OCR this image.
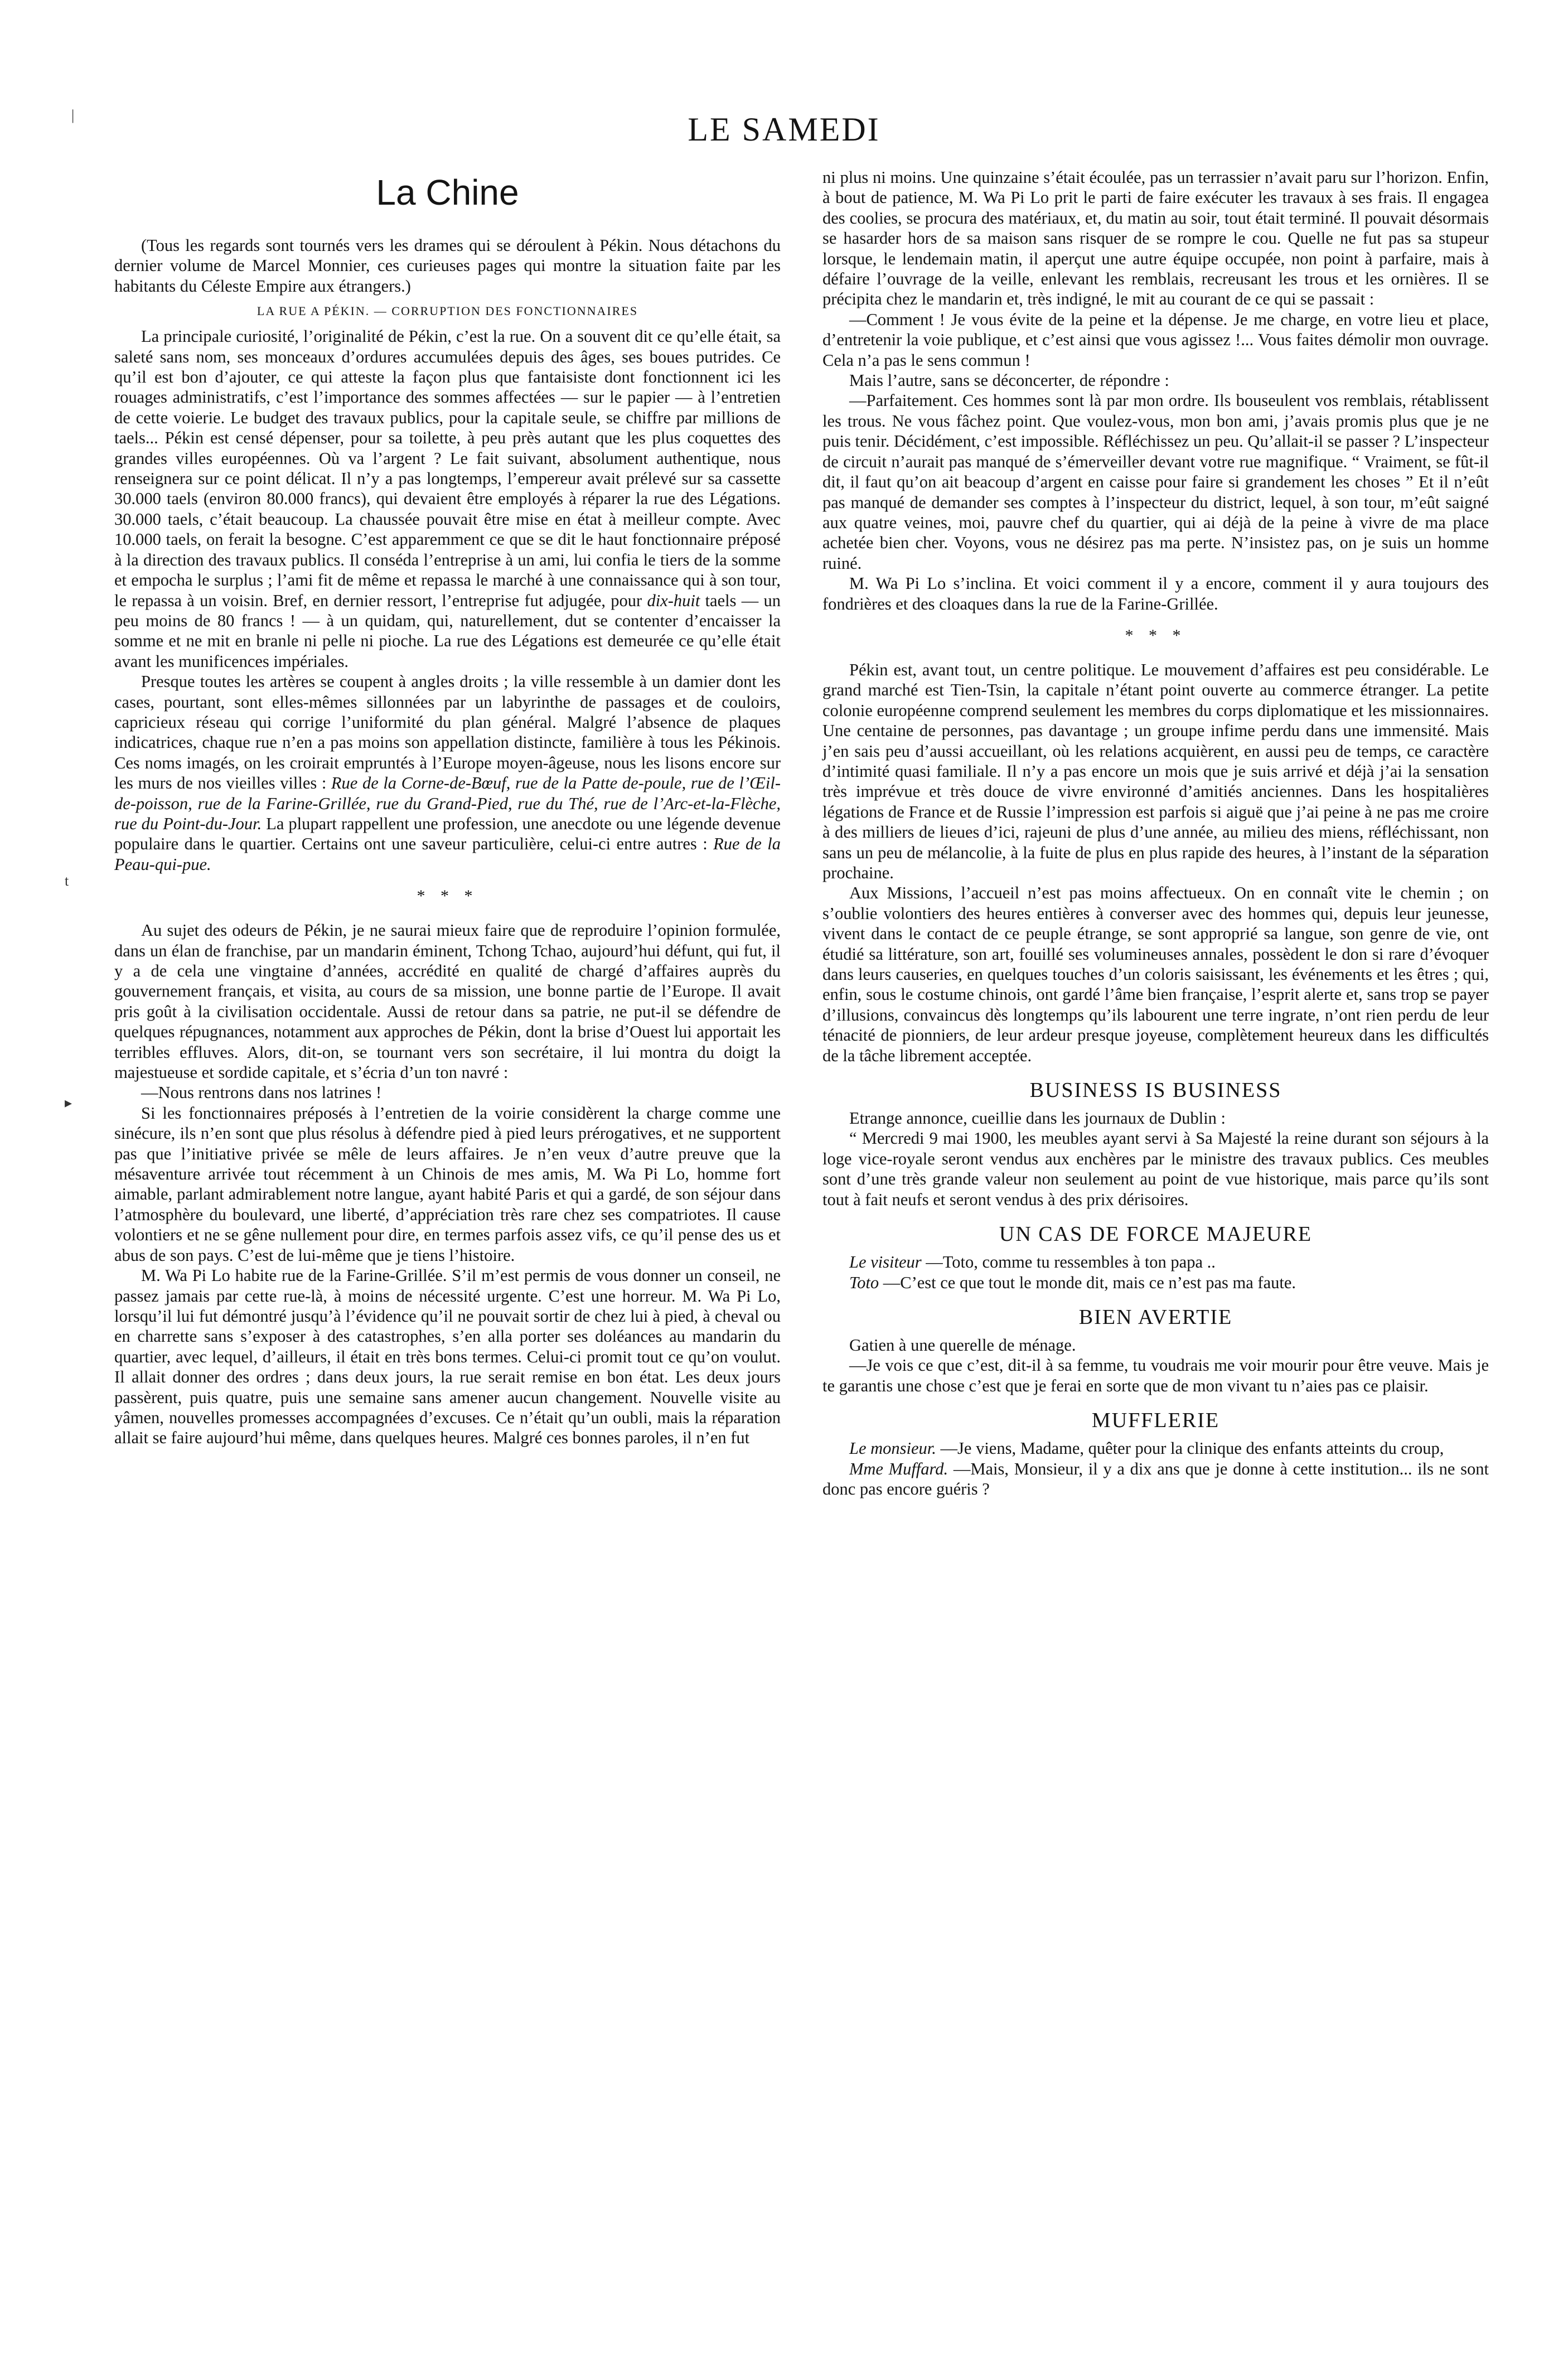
LE SAMEDI
|
t
▸
La Chine

(Tous les regards sont tournés vers les drames qui se déroulent à Pékin. Nous détachons du dernier volume de Marcel Monnier, ces curieuses pages qui montre la situation faite par les habitants du Céleste Empire aux étrangers.)

LA RUE A PÉKIN. — CORRUPTION DES FONCTIONNAIRES

La principale curiosité, l’originalité de Pékin, c’est la rue. On a souvent dit ce qu’elle était, sa saleté sans nom, ses monceaux d’ordures accumulées depuis des âges, ses boues putrides. Ce qu’il est bon d’ajouter, ce qui atteste la façon plus que fantaisiste dont fonctionnent ici les rouages administratifs, c’est l’importance des sommes affectées — sur le papier — à l’entretien de cette voierie. Le budget des travaux publics, pour la capitale seule, se chiffre par millions de taels... Pékin est censé dépenser, pour sa toilette, à peu près autant que les plus coquettes des grandes villes européennes. Où va l’argent ? Le fait suivant, absolument authentique, nous renseignera sur ce point délicat. Il n’y a pas longtemps, l’empereur avait prélevé sur sa cassette 30.000 taels (environ 80.000 francs), qui devaient être employés à réparer la rue des Légations. 30.000 taels, c’était beaucoup. La chaussée pouvait être mise en état à meilleur compte. Avec 10.000 taels, on ferait la besogne. C’est apparemment ce que se dit le haut fonctionnaire préposé à la direction des travaux publics. Il conséda l’entreprise à un ami, lui confia le tiers de la somme et empocha le surplus ; l’ami fit de même et repassa le marché à une connaissance qui à son tour, le repassa à un voisin. Bref, en dernier ressort, l’entreprise fut adjugée, pour dix-huit taels — un peu moins de 80 francs ! — à un quidam, qui, naturellement, dut se contenter d’encaisser la somme et ne mit en branle ni pelle ni pioche. La rue des Légations est demeurée ce qu’elle était avant les munificences impériales.

Presque toutes les artères se coupent à angles droits ; la ville ressemble à un damier dont les cases, pourtant, sont elles-mêmes sillonnées par un labyrinthe de passages et de couloirs, capricieux réseau qui corrige l’uniformité du plan général. Malgré l’absence de plaques indicatrices, chaque rue n’en a pas moins son appellation distincte, familière à tous les Pékinois. Ces noms imagés, on les croirait empruntés à l’Europe moyen-âgeuse, nous les lisons encore sur les murs de nos vieilles villes : Rue de la Corne-de-Bœuf, rue de la Patte de-poule, rue de l’Œil-de-poisson, rue de la Farine-Grillée, rue du Grand-Pied, rue du Thé, rue de l’Arc-et-la-Flèche, rue du Point-du-Jour. La plupart rappellent une profession, une anecdote ou une légende devenue populaire dans le quartier. Certains ont une saveur particulière, celui-ci entre autres : Rue de la Peau-qui-pue.

* * *

Au sujet des odeurs de Pékin, je ne saurai mieux faire que de reproduire l’opinion formulée, dans un élan de franchise, par un mandarin éminent, Tchong Tchao, aujourd’hui défunt, qui fut, il y a de cela une vingtaine d’années, accrédité en qualité de chargé d’affaires auprès du gouvernement français, et visita, au cours de sa mission, une bonne partie de l’Europe. Il avait pris goût à la civilisation occidentale. Aussi de retour dans sa patrie, ne put-il se défendre de quelques répugnances, notamment aux approches de Pékin, dont la brise d’Ouest lui apportait les terribles effluves. Alors, dit-on, se tournant vers son secrétaire, il lui montra du doigt la majestueuse et sordide capitale, et s’écria d’un ton navré :

—Nous rentrons dans nos latrines !

Si les fonctionnaires préposés à l’entretien de la voirie considèrent la charge comme une sinécure, ils n’en sont que plus résolus à défendre pied à pied leurs prérogatives, et ne supportent pas que l’initiative privée se mêle de leurs affaires. Je n’en veux d’autre preuve que la mésaventure arrivée tout récemment à un Chinois de mes amis, M. Wa Pi Lo, homme fort aimable, parlant admirablement notre langue, ayant habité Paris et qui a gardé, de son séjour dans l’atmosphère du boulevard, une liberté, d’appréciation très rare chez ses compatriotes. Il cause volontiers et ne se gêne nullement pour dire, en termes parfois assez vifs, ce qu’il pense des us et abus de son pays. C’est de lui-même que je tiens l’histoire.

M. Wa Pi Lo habite rue de la Farine-Grillée. S’il m’est permis de vous donner un conseil, ne passez jamais par cette rue-là, à moins de nécessité urgente. C’est une horreur. M. Wa Pi Lo, lorsqu’il lui fut démontré jusqu’à l’évidence qu’il ne pouvait sortir de chez lui à pied, à cheval ou en charrette sans s’exposer à des catastrophes, s’en alla porter ses doléances au mandarin du quartier, avec lequel, d’ailleurs, il était en très bons termes. Celui-ci promit tout ce qu’on voulut. Il allait donner des ordres ; dans deux jours, la rue serait remise en bon état. Les deux jours passèrent, puis quatre, puis une semaine sans amener aucun changement. Nouvelle visite au yâmen, nouvelles promesses accompagnées d’excuses. Ce n’était qu’un oubli, mais la réparation allait se faire aujourd’hui même, dans quelques heures. Malgré ces bonnes paroles, il n’en fut

ni plus ni moins. Une quinzaine s’était écoulée, pas un terrassier n’avait paru sur l’horizon. Enfin, à bout de patience, M. Wa Pi Lo prit le parti de faire exécuter les travaux à ses frais. Il engagea des coolies, se procura des matériaux, et, du matin au soir, tout était terminé. Il pouvait désormais se hasarder hors de sa maison sans risquer de se rompre le cou. Quelle ne fut pas sa stupeur lorsque, le lendemain matin, il aperçut une autre équipe occupée, non point à parfaire, mais à défaire l’ouvrage de la veille, enlevant les remblais, recreusant les trous et les ornières. Il se précipita chez le mandarin et, très indigné, le mit au courant de ce qui se passait :

—Comment ! Je vous évite de la peine et la dépense. Je me charge, en votre lieu et place, d’entretenir la voie publique, et c’est ainsi que vous agissez !... Vous faites démolir mon ouvrage. Cela n’a pas le sens commun !

Mais l’autre, sans se déconcerter, de répondre :

—Parfaitement. Ces hommes sont là par mon ordre. Ils bouseulent vos remblais, rétablissent les trous. Ne vous fâchez point. Que voulez-vous, mon bon ami, j’avais promis plus que je ne puis tenir. Décidément, c’est impossible. Réfléchissez un peu. Qu’allait-il se passer ? L’inspecteur de circuit n’aurait pas manqué de s’émerveiller devant votre rue magnifique. “ Vraiment, se fût-il dit, il faut qu’on ait beacoup d’argent en caisse pour faire si grandement les choses ” Et il n’eût pas manqué de demander ses comptes à l’inspecteur du district, lequel, à son tour, m’eût saigné aux quatre veines, moi, pauvre chef du quartier, qui ai déjà de la peine à vivre de ma place achetée bien cher. Voyons, vous ne désirez pas ma perte. N’insistez pas, on je suis un homme ruiné.

M. Wa Pi Lo s’inclina. Et voici comment il y a encore, comment il y aura toujours des fondrières et des cloaques dans la rue de la Farine-Grillée.

* * *

Pékin est, avant tout, un centre politique. Le mouvement d’affaires est peu considérable. Le grand marché est Tien-Tsin, la capitale n’étant point ouverte au commerce étranger. La petite colonie européenne comprend seulement les membres du corps diplomatique et les missionnaires. Une centaine de personnes, pas davantage ; un groupe infime perdu dans une immensité. Mais j’en sais peu d’aussi accueillant, où les relations acquièrent, en aussi peu de temps, ce caractère d’intimité quasi familiale. Il n’y a pas encore un mois que je suis arrivé et déjà j’ai la sensation très imprévue et très douce de vivre environné d’amitiés anciennes. Dans les hospitalières légations de France et de Russie l’impression est parfois si aiguë que j’ai peine à ne pas me croire à des milliers de lieues d’ici, rajeuni de plus d’une année, au milieu des miens, réfléchissant, non sans un peu de mélancolie, à la fuite de plus en plus rapide des heures, à l’instant de la séparation prochaine.

Aux Missions, l’accueil n’est pas moins affectueux. On en connaît vite le chemin ; on s’oublie volontiers des heures entières à converser avec des hommes qui, depuis leur jeunesse, vivent dans le contact de ce peuple étrange, se sont approprié sa langue, son genre de vie, ont étudié sa littérature, son art, fouillé ses volumineuses annales, possèdent le don si rare d’évoquer dans leurs causeries, en quelques touches d’un coloris saisissant, les événements et les êtres ; qui, enfin, sous le costume chinois, ont gardé l’âme bien française, l’esprit alerte et, sans trop se payer d’illusions, convaincus dès longtemps qu’ils labourent une terre ingrate, n’ont rien perdu de leur ténacité de pionniers, de leur ardeur presque joyeuse, complètement heureux dans les difficultés de la tâche librement acceptée.

BUSINESS IS BUSINESS

Etrange annonce, cueillie dans les journaux de Dublin :

“ Mercredi 9 mai 1900, les meubles ayant servi à Sa Majesté la reine durant son séjours à la loge vice-royale seront vendus aux enchères par le ministre des travaux publics. Ces meubles sont d’une très grande valeur non seulement au point de vue historique, mais parce qu’ils sont tout à fait neufs et seront vendus à des prix dérisoires.

UN CAS DE FORCE MAJEURE

Le visiteur —Toto, comme tu ressembles à ton papa ..

Toto —C’est ce que tout le monde dit, mais ce n’est pas ma faute.

BIEN AVERTIE

Gatien à une querelle de ménage.

—Je vois ce que c’est, dit-il à sa femme, tu voudrais me voir mourir pour être veuve. Mais je te garantis une chose c’est que je ferai en sorte que de mon vivant tu n’aies pas ce plaisir.

MUFFLERIE

Le monsieur. —Je viens, Madame, quêter pour la clinique des enfants atteints du croup,

Mme Muffard. —Mais, Monsieur, il y a dix ans que je donne à cette institution... ils ne sont donc pas encore guéris ?
